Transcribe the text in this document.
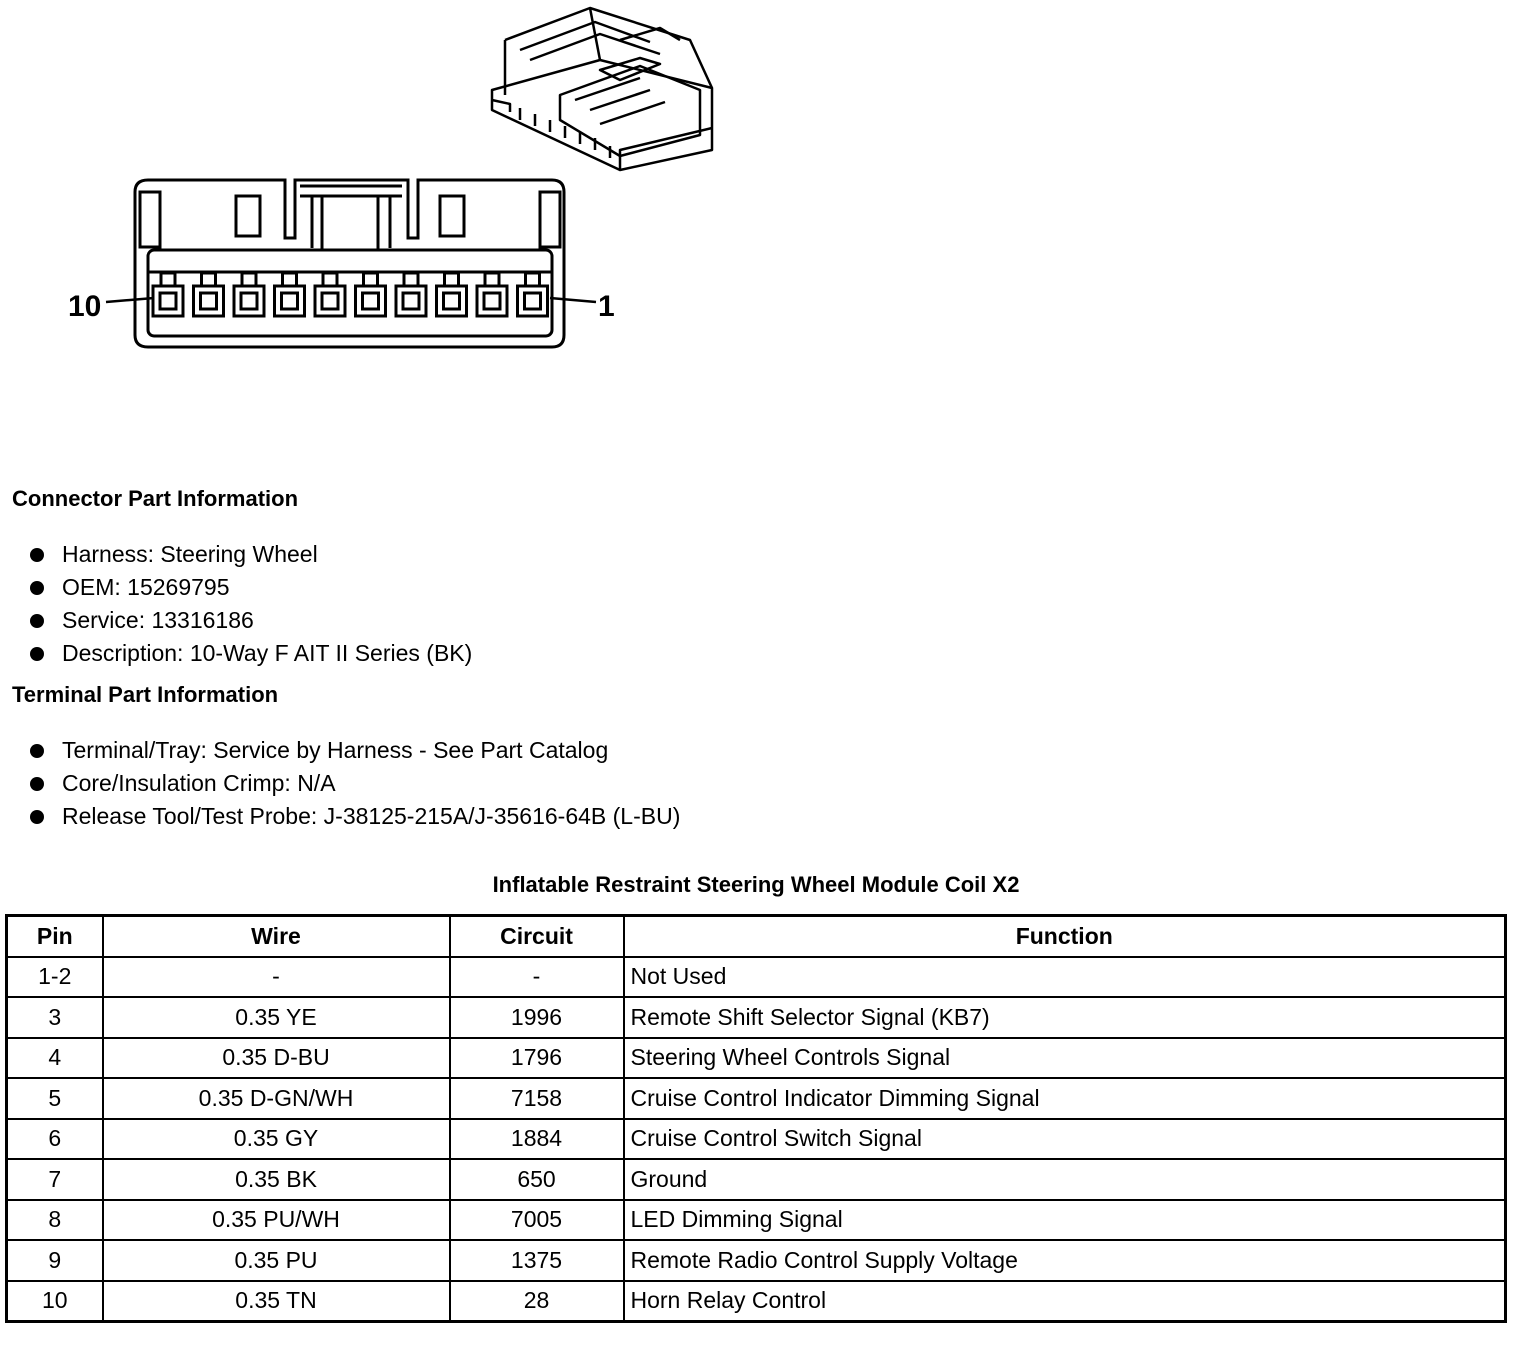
10	1
Connector Part Information
Harness: Steering Wheel
OEM: 15269795
Service: 13316186
Description: 10-Way F AIT II Series (BK)
Terminal Part Information
Terminal/Tray: Service by Harness - See Part Catalog
Core/Insulation Crimp: N/A
Release Tool/Test Probe: J-38125-215A/J-35616-64B (L-BU)
Inflatable Restraint Steering Wheel Module Coil X2
Pin	Wire	Circuit	Function
1-2	-	-	Not Used
3	0.35 YE	1996	Remote Shift Selector Signal (KB7)
4	0.35 D-BU	1796	Steering Wheel Controls Signal
5	0.35 D-GN/WH	7158	Cruise Control Indicator Dimming Signal
6	0.35 GY	1884	Cruise Control Switch Signal
7	0.35 BK	650	Ground
8	0.35 PU/WH	7005	LED Dimming Signal
9	0.35 PU	1375	Remote Radio Control Supply Voltage
10	0.35 TN	28	Horn Relay Control
